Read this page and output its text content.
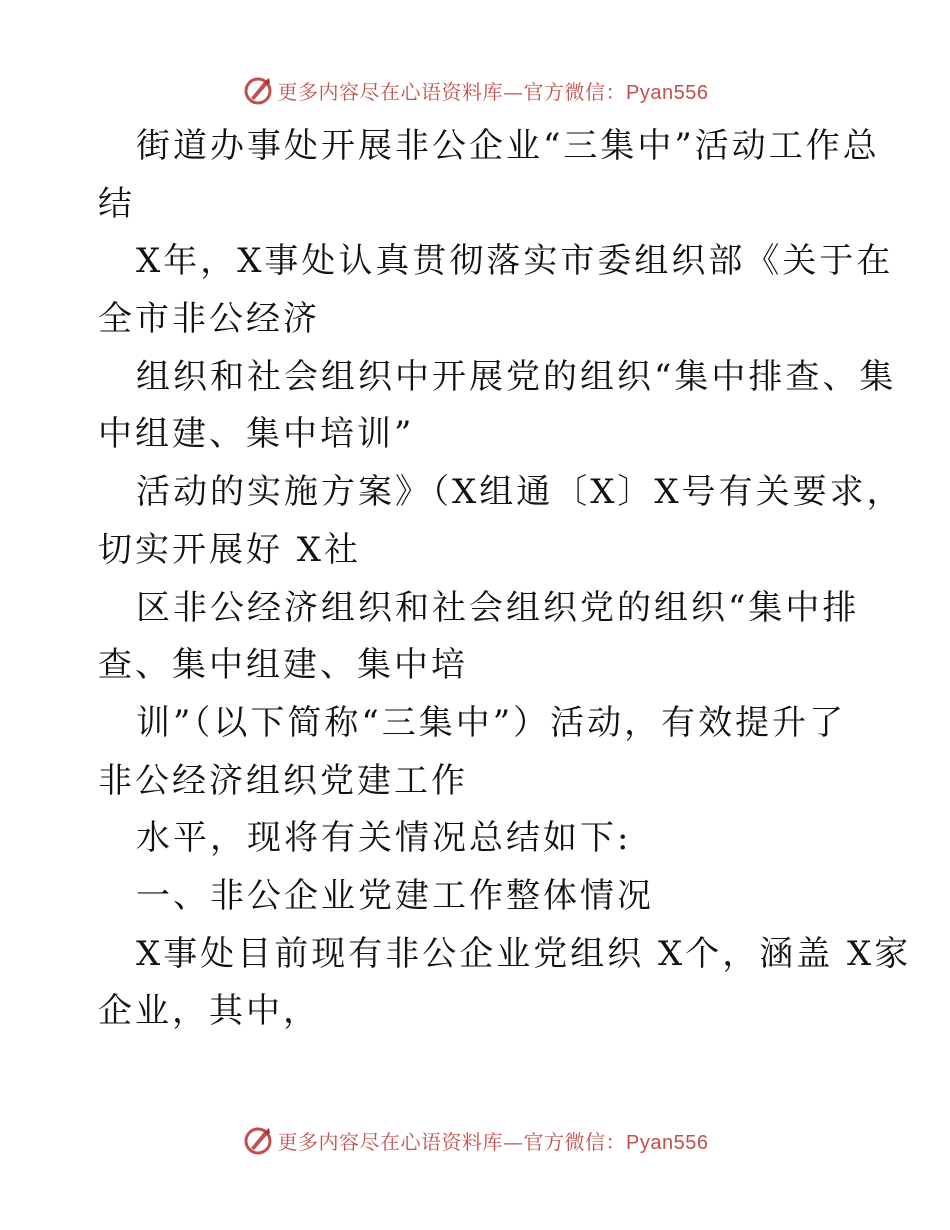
更多内容尽在心语资料库—官方微信：Pyan556
街道办事处开展非公企业“三集中”活动工作总
结
X年，X事处认真贯彻落实市委组织部《关于在
全市非公经济
组织和社会组织中开展党的组织“集中排查、集
中组建、集中培训”
活动的实施方案》（X组通〔X〕X号有关要求，
切实开展好 X社
区非公经济组织和社会组织党的组织“集中排
查、集中组建、集中培
训”（以下简称“三集中”）活动，有效提升了
非公经济组织党建工作
水平，现将有关情况总结如下:
一、非公企业党建工作整体情况
X事处目前现有非公企业党组织 X个，涵盖 X家
企业，其中，
更多内容尽在心语资料库—官方微信：Pyan556
